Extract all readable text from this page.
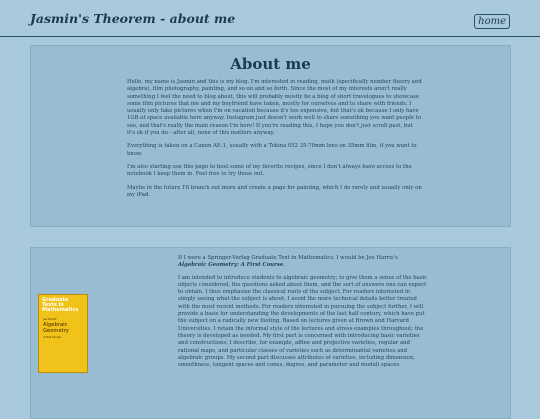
Jasmin's Theorem - about me	home
About me

Hello, my name is Jasmin and this is my blog. I'm interested in reading, math (specifically number theory and algebra), film photography, painting, and so on and so forth. Since the most of my interests aren't really something I feel the need to blog about, this will probably mostly be a blog of short travelogues to showcase some film pictures that me and my boyfriend have taken, mostly for ourselves and to share with friends. I usually only take pictures when I'm on vacation because it's too expensive, but that's ok because I only have 1GB of space available here anyway. Instagram just doesn't work well to share something you want people to see, and that's really the main reason I'm here! If you're reading this, I hope you don't just scroll past, but it's ok if you do - after all, none of this matters anyway.

Everything is taken on a Canon AE-1, usually with a Tokina 052 35-70mm lens on 35mm film, if you want to know.

I'm also starting use this page to host some of my favorite recipes, since I don't always have access to the notebook I keep them in. Feel free to try those out.

Maybe in the future I'll branch out more and create a page for painting, which I do rarely and usually only on my iPad.

Graduate Texts in Mathematics
Joe Harris
Algebraic Geometry
A First Course

If I were a Springer-Verlag Graduate Text in Mathematics, I would be Joe Harris's
Algebraic Geometry: A First Course.

I am intended to introduce students to algebraic geometry; to give them a sense of the basic objects considered, the questions asked about them, and the sort of answers one can expect to obtain. I thus emphasize the classical roots of the subject. For readers interested in simply seeing what the subject is about, I avoid the more technical details better treated with the most recent methods. For readers interested in pursuing the subject further, I will provide a basis for understanding the developments of the last half century, which have put the subject on a radically new footing. Based on lectures given at Brown and Harvard Universities, I retain the informal style of the lectures and stress examples throughout; the theory is developed as needed. My first part is concerned with introducing basic varieties and constructions; I describe, for example, affine and projective varieties, regular and rational maps, and particular classes of varieties such as determinantal varieties and algebraic groups. My second part discusses attributes of varieties, including dimension, smoothness, tangent spaces and cones, degree, and parameter and moduli spaces.
